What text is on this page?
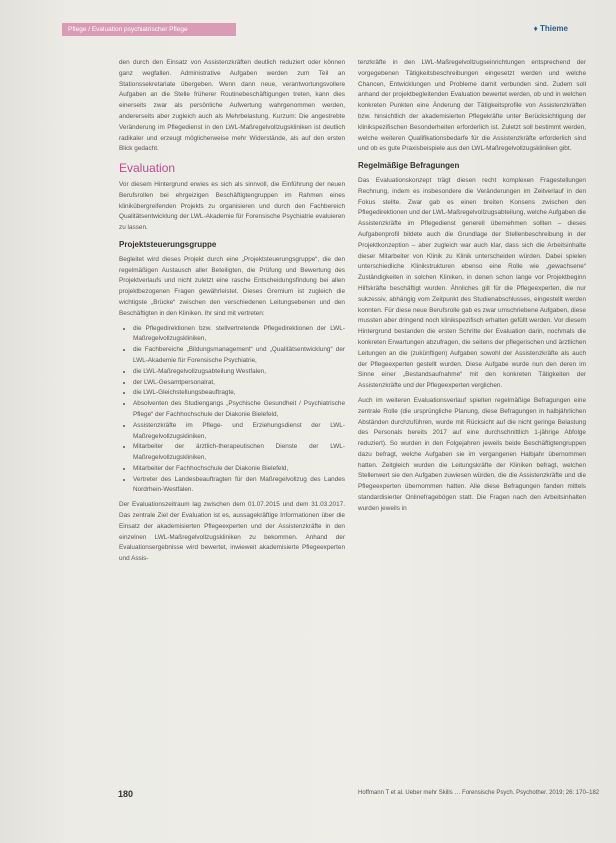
Pflege / Evaluation psychiatrischer Pflege	♦ Thieme

den durch den Einsatz von Assistenzkräften deutlich reduziert oder können ganz wegfallen. Administrative Aufgaben werden zum Teil an Stationssekretariate übergeben. Wenn dann neue, verantwortungsvollere Aufgaben an die Stelle früherer Routinebeschäftigungen treten, kann dies einerseits zwar als persönliche Aufwertung wahrgenommen werden, andererseits aber zugleich auch als Mehrbelastung. Kurzum: Die angestrebte Veränderung im Pflegedienst in den LWL-Maßregelvollzugskliniken ist deutlich radikaler und erzeugt möglicherweise mehr Widerstände, als auf den ersten Blick gedacht.

Evaluation

Vor diesem Hintergrund erwies es sich als sinnvoll, die Einführung der neuen Berufsrollen bei ehrgeizigen Beschäftigtengruppen im Rahmen eines klinikübergreifenden Projekts zu organisieren und durch den Fachbereich Qualitätsentwicklung der LWL-Akademie für Forensische Psychiatrie evaluieren zu lassen.

Projektsteuerungsgruppe

Begleitet wird dieses Projekt durch eine „Projektsteuerungsgruppe“, die den regelmäßigen Austausch aller Beteiligten, die Prüfung und Bewertung des Projektverlaufs und nicht zuletzt eine rasche Entscheidungsfindung bei allen projektbezogenen Fragen gewährleistet. Dieses Gremium ist zugleich die wichtigste „Brücke“ zwischen den verschiedenen Leitungsebenen und den Beschäftigten in den Kliniken. Ihr sind mit vertreten:

• die Pflegedirektionen bzw. stellvertretende Pflegedirektionen der LWL-Maßregelvollzugskliniken,
• die Fachbereiche „Bildungsmanagement“ und „Qualitätsentwicklung“ der LWL-Akademie für Forensische Psychiatrie,
• die LWL-Maßregelvollzugsabteilung Westfalen,
• der LWL-Gesamtpersonalrat,
• die LWL-Gleichstellungsbeauftragte,
• Absolventen des Studiengangs „Psychische Gesundheit / Psychiatrische Pflege“ der Fachhochschule der Diakonie Bielefeld,
• Assistenzkräfte im Pflege- und Erziehungsdienst der LWL-Maßregelvollzugskliniken,
• Mitarbeiter der ärztlich-therapeutischen Dienste der LWL-Maßregelvollzugskliniken,
• Mitarbeiter der Fachhochschule der Diakonie Bielefeld,
• Vertreter des Landesbeauftragten für den Maßregelvollzug des Landes Nordrhein-Westfalen.

Der Evaluationszeitraum lag zwischen dem 01.07.2015 und dem 31.03.2017. Das zentrale Ziel der Evaluation ist es, aussagekräftige Informationen über die Einsatz der akademisierten Pflegeexperten und der Assistenzkräfte in den einzelnen LWL-Maßregelvollzugskliniken zu bekommen. Anhand der Evaluationsergebnisse wird bewertet, inwieweit akademisierte Pflegeexperten und Assis-

tenzkräfte in den LWL-Maßregelvollzugseinrichtungen entsprechend der vorgegebenen Tätigkeitsbeschreibungen eingesetzt werden und welche Chancen, Entwicklungen und Probleme damit verbunden sind. Zudem soll anhand der projektbegleitenden Evaluation bewertet werden, ob und in welchen konkreten Punkten eine Änderung der Tätigkeitsprofile von Assistenzkräften bzw. hinsichtlich der akademisierten Pflegekräfte unter Berücksichtigung der klinikspezifischen Besonderheiten erforderlich ist. Zuletzt soll bestimmt werden, welche weiteren Qualifikationsbedarfe für die Assistenzkräfte erforderlich sind und ob es gute Praxisbeispiele aus den LWL-Maßregelvollzugskliniken gibt.

Regelmäßige Befragungen

Das Evaluationskonzept trägt diesen recht komplexen Fragestellungen Rechnung, indem es insbesondere die Veränderungen im Zeitverlauf in den Fokus stellte. Zwar gab es einen breiten Konsens zwischen den Pflegedirektionen und der LWL-Maßregelvollzugsabteilung, welche Aufgaben die Assistenzkräfte im Pflegedienst generell übernehmen sollten – dieses Aufgabenprofil bildete auch die Grundlage der Stellenbeschreibung in der Projektkonzeption – aber zugleich war auch klar, dass sich die Arbeitsinhalte dieser Mitarbeiter von Klinik zu Klinik unterscheiden würden. Dabei spielen unterschiedliche Klinikstrukturen ebenso eine Rolle wie „gewachsene“ Zuständigkeiten in solchen Kliniken, in denen schon lange vor Projektbeginn Hilfskräfte beschäftigt wurden. Ähnliches gilt für die Pflegeexperten, die nur sukzessiv, abhängig vom Zeitpunkt des Studienabschlusses, eingestellt werden konnten. Für diese neue Berufsrolle gab es zwar umschriebene Aufgaben, diese mussten aber dringend noch klinikspezifisch erhalten gefüllt werden. Vor diesem Hintergrund bestanden die ersten Schritte der Evaluation darin, nochmals die konkreten Erwartungen abzufragen, die seitens der pflegerischen und ärztlichen Leitungen an die (zukünftigen) Aufgaben sowohl der Assistenzkräfte als auch der Pflegeexperten gestellt wurden. Diese Aufgabe wurde nun den deren im Sinne einer „Bestandsaufnahme“ mit den konkreten Tätigkeiten der Assistenzkräfte und der Pflegeexperten verglichen.

Auch im weiteren Evaluationsverlauf spielten regelmäßige Befragungen eine zentrale Rolle (die ursprüngliche Planung, diese Befragungen in halbjährlichen Abständen durchzuführen, wurde mit Rücksicht auf die nicht geringe Belastung des Personals bereits 2017 auf eine durchschnittlich 1-jährige Abfolge reduziert). So wurden in den Folgejahren jeweils beide Beschäftigtengruppen dazu befragt, welche Aufgaben sie im vergangenen Halbjahr übernommen hatten. Zeitgleich wurden die Leitungskräfte der Kliniken befragt, welchen Stellenwert sie den Aufgaben zuwiesen würden, die die Assistenzkräfte und die Pflegeexperten übernommen hatten. Alle diese Befragungen fanden mittels standardisierter Onlinefragebögen statt. Die Fragen nach den Arbeitsinhalten wurden jeweils in

180	Hoffmann T et al. Ueber mehr Skills … Forensische Psych. Psychother. 2019; 26: 170–182
